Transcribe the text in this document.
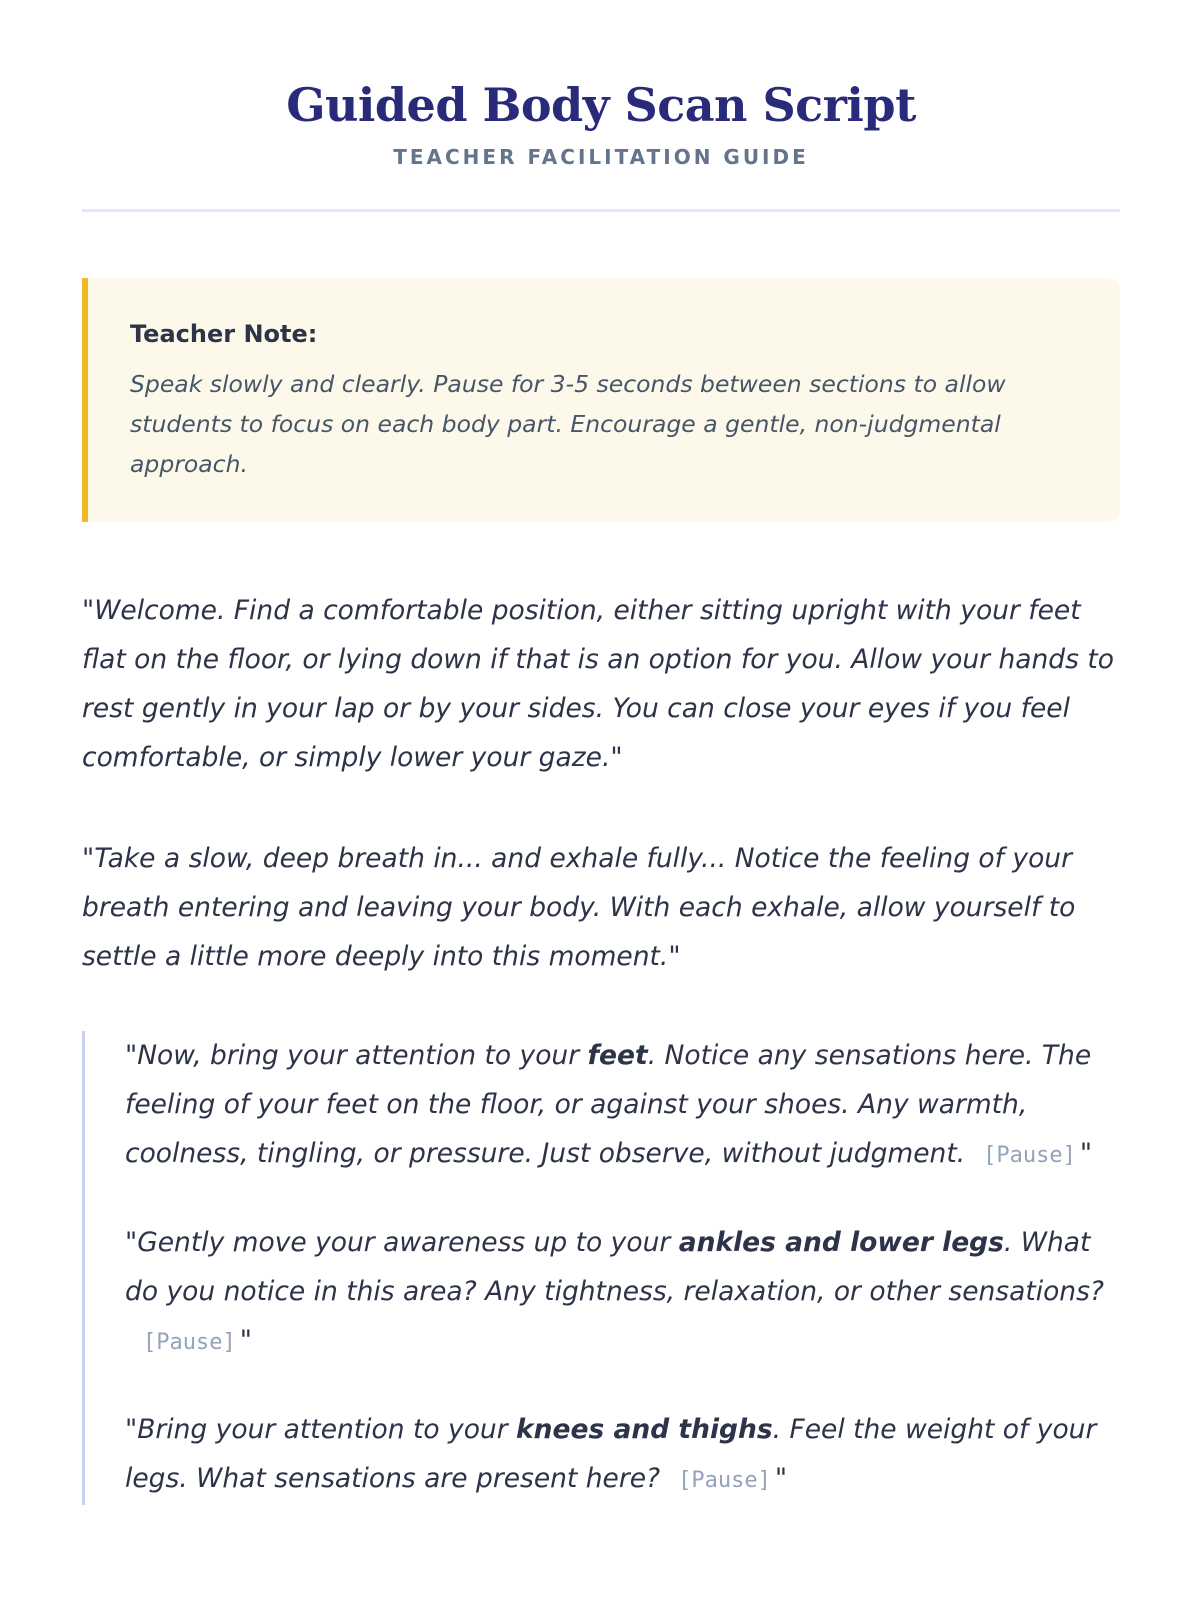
Guided Body Scan Script
TEACHER FACILITATION GUIDE
Teacher Note:
Speak slowly and clearly. Pause for 3-5 seconds between sections to allow students to focus on each body part. Encourage a gentle, non-judgmental approach.

"Welcome. Find a comfortable position, either sitting upright with your feet flat on the floor, or lying down if that is an option for you. Allow your hands to rest gently in your lap or by your sides. You can close your eyes if you feel comfortable, or simply lower your gaze."

"Take a slow, deep breath in... and exhale fully... Notice the feeling of your breath entering and leaving your body. With each exhale, allow yourself to settle a little more deeply into this moment."

"Now, bring your attention to your feet. Notice any sensations here. The feeling of your feet on the floor, or against your shoes. Any warmth, coolness, tingling, or pressure. Just observe, without judgment. [Pause] "

"Gently move your awareness up to your ankles and lower legs. What do you notice in this area? Any tightness, relaxation, or other sensations?[Pause] "

"Bring your attention to your knees and thighs. Feel the weight of your legs. What sensations are present here? [Pause] "
